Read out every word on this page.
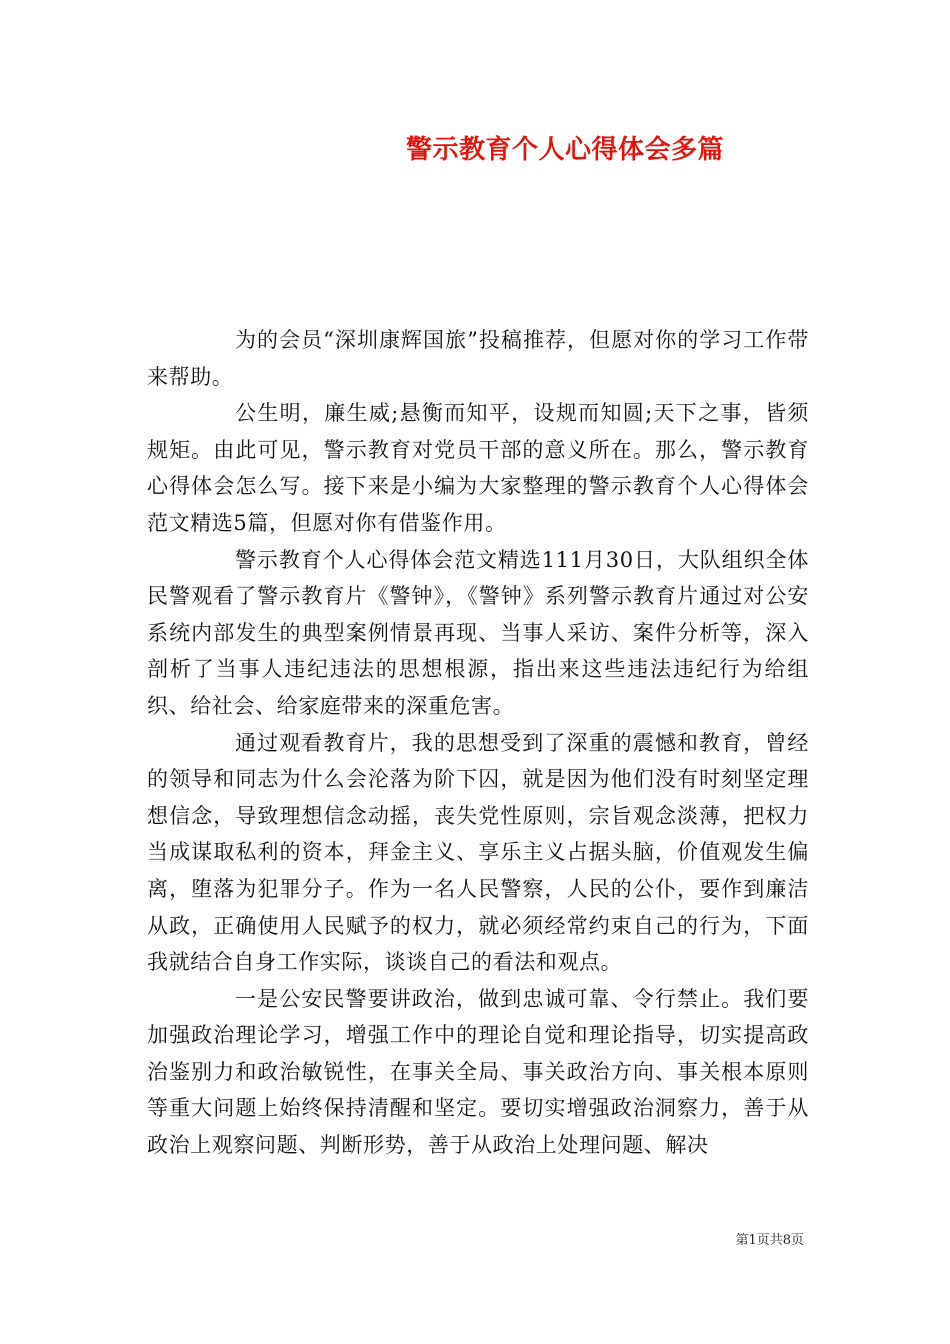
警示教育个人心得体会多篇

为的会员“深圳康辉国旅”投稿推荐，但愿对你的学习工作带来帮助。

公生明，廉生威;悬衡而知平，设规而知圆;天下之事，皆须规矩。由此可见，警示教育对党员干部的意义所在。那么，警示教育心得体会怎么写。接下来是小编为大家整理的警示教育个人心得体会范文精选5篇，但愿对你有借鉴作用。

警示教育个人心得体会范文精选111月30日，大队组织全体民警观看了警示教育片《警钟》，《警钟》系列警示教育片通过对公安系统内部发生的典型案例情景再现、当事人采访、案件分析等，深入剖析了当事人违纪违法的思想根源，指出来这些违法违纪行为给组织、给社会、给家庭带来的深重危害。

通过观看教育片，我的思想受到了深重的震憾和教育，曾经的领导和同志为什么会沦落为阶下囚，就是因为他们没有时刻坚定理想信念，导致理想信念动摇，丧失党性原则，宗旨观念淡薄，把权力当成谋取私利的资本，拜金主义、享乐主义占据头脑，价值观发生偏离，堕落为犯罪分子。作为一名人民警察，人民的公仆，要作到廉洁从政，正确使用人民赋予的权力，就必须经常约束自己的行为，下面我就结合自身工作实际，谈谈自己的看法和观点。

一是公安民警要讲政治，做到忠诚可靠、令行禁止。我们要加强政治理论学习，增强工作中的理论自觉和理论指导，切实提高政治鉴别力和政治敏锐性，在事关全局、事关政治方向、事关根本原则等重大问题上始终保持清醒和坚定。要切实增强政治洞察力，善于从政治上观察问题、判断形势，善于从政治上处理问题、解决

第1页共8页
